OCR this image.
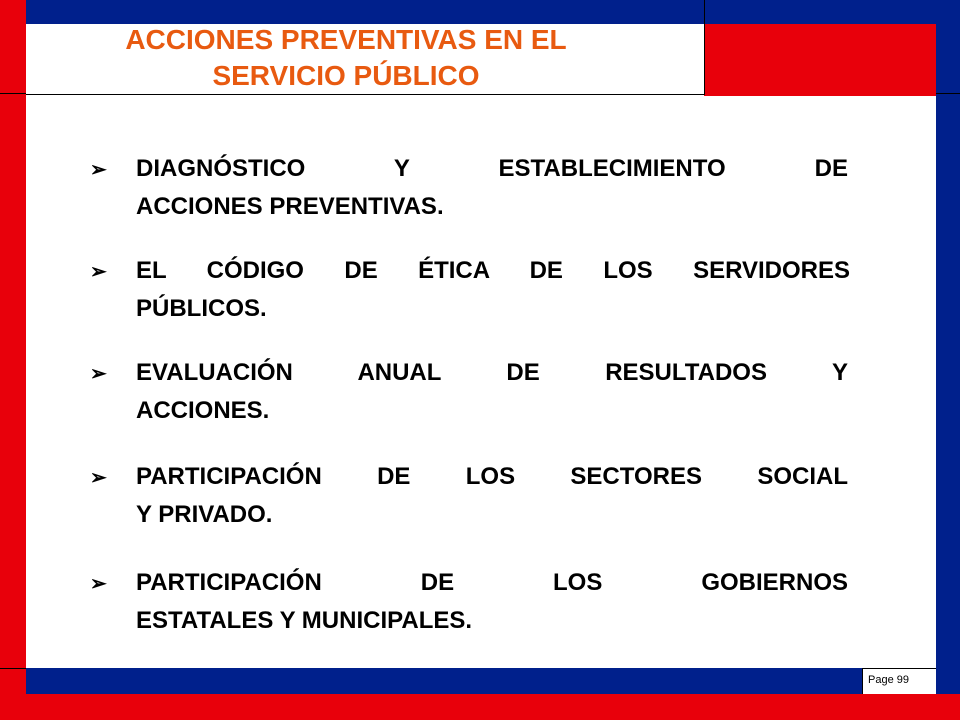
ACCIONES PREVENTIVAS EN EL
SERVICIO PÚBLICO
➢ DIAGNÓSTICO Y ESTABLECIMIENTO DE
ACCIONES PREVENTIVAS.
➢ EL CÓDIGO DE ÉTICA DE LOS SERVIDORES
PÚBLICOS.
➢ EVALUACIÓN ANUAL DE RESULTADOS Y
ACCIONES.
➢ PARTICIPACIÓN DE LOS SECTORES SOCIAL
Y PRIVADO.
➢ PARTICIPACIÓN DE LOS GOBIERNOS
ESTATALES Y MUNICIPALES.
Page 99
